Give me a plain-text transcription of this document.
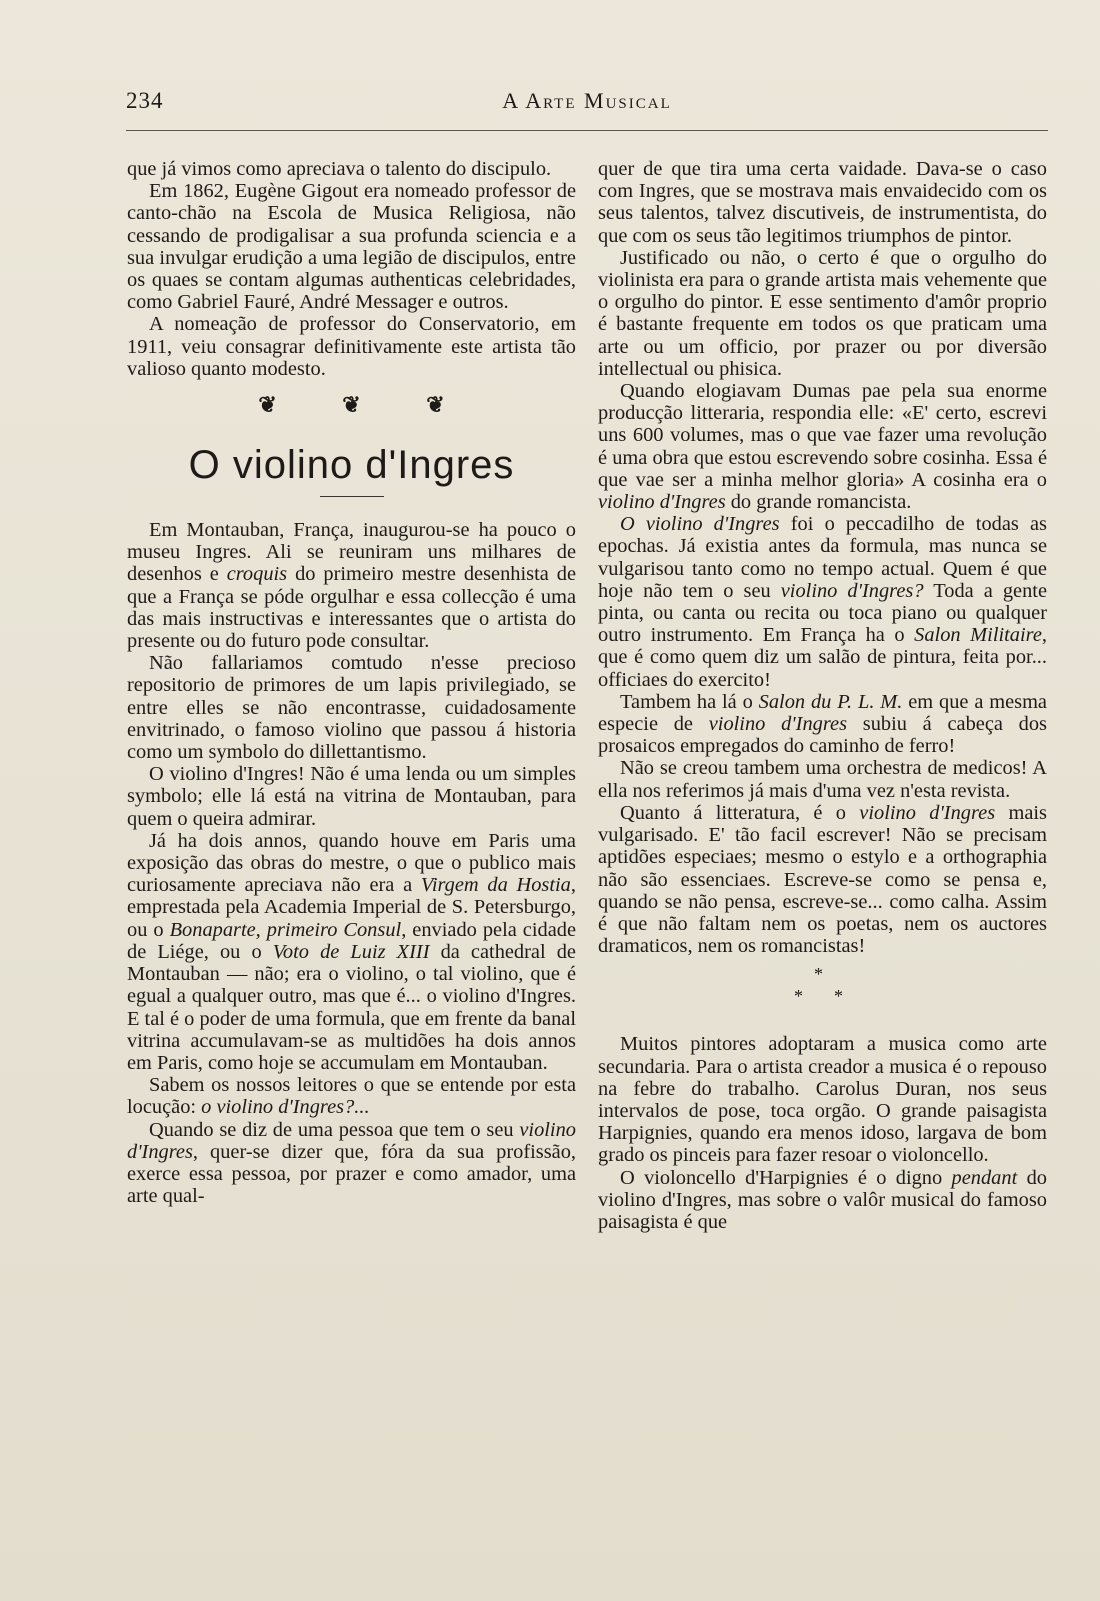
234	A Arte Musical

que já vimos como apreciava o talento do discipulo.

Em 1862, Eugène Gigout era nomeado professor de canto-chão na Escola de Musica Religiosa, não cessando de prodigalisar a sua profunda sciencia e a sua invulgar erudição a uma legião de discipulos, entre os quaes se contam algumas authenticas celebridades, como Gabriel Fauré, André Messager e outros.

A nomeação de professor do Conservatorio, em 1911, veiu consagrar definitivamente este artista tão valioso quanto modesto.

❦ ❦ ❦
O violino d'Ingres

Em Montauban, França, inaugurou-se ha pouco o museu Ingres. Ali se reuniram uns milhares de desenhos e croquis do primeiro mestre desenhista de que a França se póde orgulhar e essa collecção é uma das mais instructivas e interessantes que o artista do presente ou do futuro pode consultar.

Não fallariamos comtudo n'esse precioso repositorio de primores de um lapis privilegiado, se entre elles se não encontrasse, cuidadosamente envitrinado, o famoso violino que passou á historia como um symbolo do dillettantismo.

O violino d'Ingres! Não é uma lenda ou um simples symbolo; elle lá está na vitrina de Montauban, para quem o queira admirar.

Já ha dois annos, quando houve em Paris uma exposição das obras do mestre, o que o publico mais curiosamente apreciava não era a Virgem da Hostia, emprestada pela Academia Imperial de S. Petersburgo, ou o Bonaparte, primeiro Consul, enviado pela cidade de Liége, ou o Voto de Luiz XIII da cathedral de Montauban — não; era o violino, o tal violino, que é egual a qualquer outro, mas que é... o violino d'Ingres. E tal é o poder de uma formula, que em frente da banal vitrina accumulavam-se as multidões ha dois annos em Paris, como hoje se accumulam em Montauban.

Sabem os nossos leitores o que se entende por esta locução: o violino d'Ingres?...

Quando se diz de uma pessoa que tem o seu violino d'Ingres, quer-se dizer que, fóra da sua profissão, exerce essa pessoa, por prazer e como amador, uma arte qual-

quer de que tira uma certa vaidade. Dava-se o caso com Ingres, que se mostrava mais envaidecido com os seus talentos, talvez discutiveis, de instrumentista, do que com os seus tão legitimos triumphos de pintor.

Justificado ou não, o certo é que o orgulho do violinista era para o grande artista mais vehemente que o orgulho do pintor. E esse sentimento d'amôr proprio é bastante frequente em todos os que praticam uma arte ou um officio, por prazer ou por diversão intellectual ou phisica.

Quando elogiavam Dumas pae pela sua enorme producção litteraria, respondia elle: «E' certo, escrevi uns 600 volumes, mas o que vae fazer uma revolução é uma obra que estou escrevendo sobre cosinha. Essa é que vae ser a minha melhor gloria» A cosinha era o violino d'Ingres do grande romancista.

O violino d'Ingres foi o peccadilho de todas as epochas. Já existia antes da formula, mas nunca se vulgarisou tanto como no tempo actual. Quem é que hoje não tem o seu violino d'Ingres? Toda a gente pinta, ou canta ou recita ou toca piano ou qualquer outro instrumento. Em França ha o Salon Militaire, que é como quem diz um salão de pintura, feita por... officiaes do exercito!

Tambem ha lá o Salon du P. L. M. em que a mesma especie de violino d'Ingres subiu á cabeça dos prosaicos empregados do caminho de ferro!

Não se creou tambem uma orchestra de medicos! A ella nos referimos já mais d'uma vez n'esta revista.

Quanto á litteratura, é o violino d'Ingres mais vulgarisado. E' tão facil escrever! Não se precisam aptidões especiaes; mesmo o estylo e a orthographia não são essenciaes. Escreve-se como se pensa e, quando se não pensa, escreve-se... como calha. Assim é que não faltam nem os poetas, nem os auctores dramaticos, nem os romancistas!

*
* *

Muitos pintores adoptaram a musica como arte secundaria. Para o artista creador a musica é o repouso na febre do trabalho. Carolus Duran, nos seus intervalos de pose, toca orgão. O grande paisagista Harpignies, quando era menos idoso, largava de bom grado os pinceis para fazer resoar o violoncello.

O violoncello d'Harpignies é o digno pendant do violino d'Ingres, mas sobre o valôr musical do famoso paisagista é que
